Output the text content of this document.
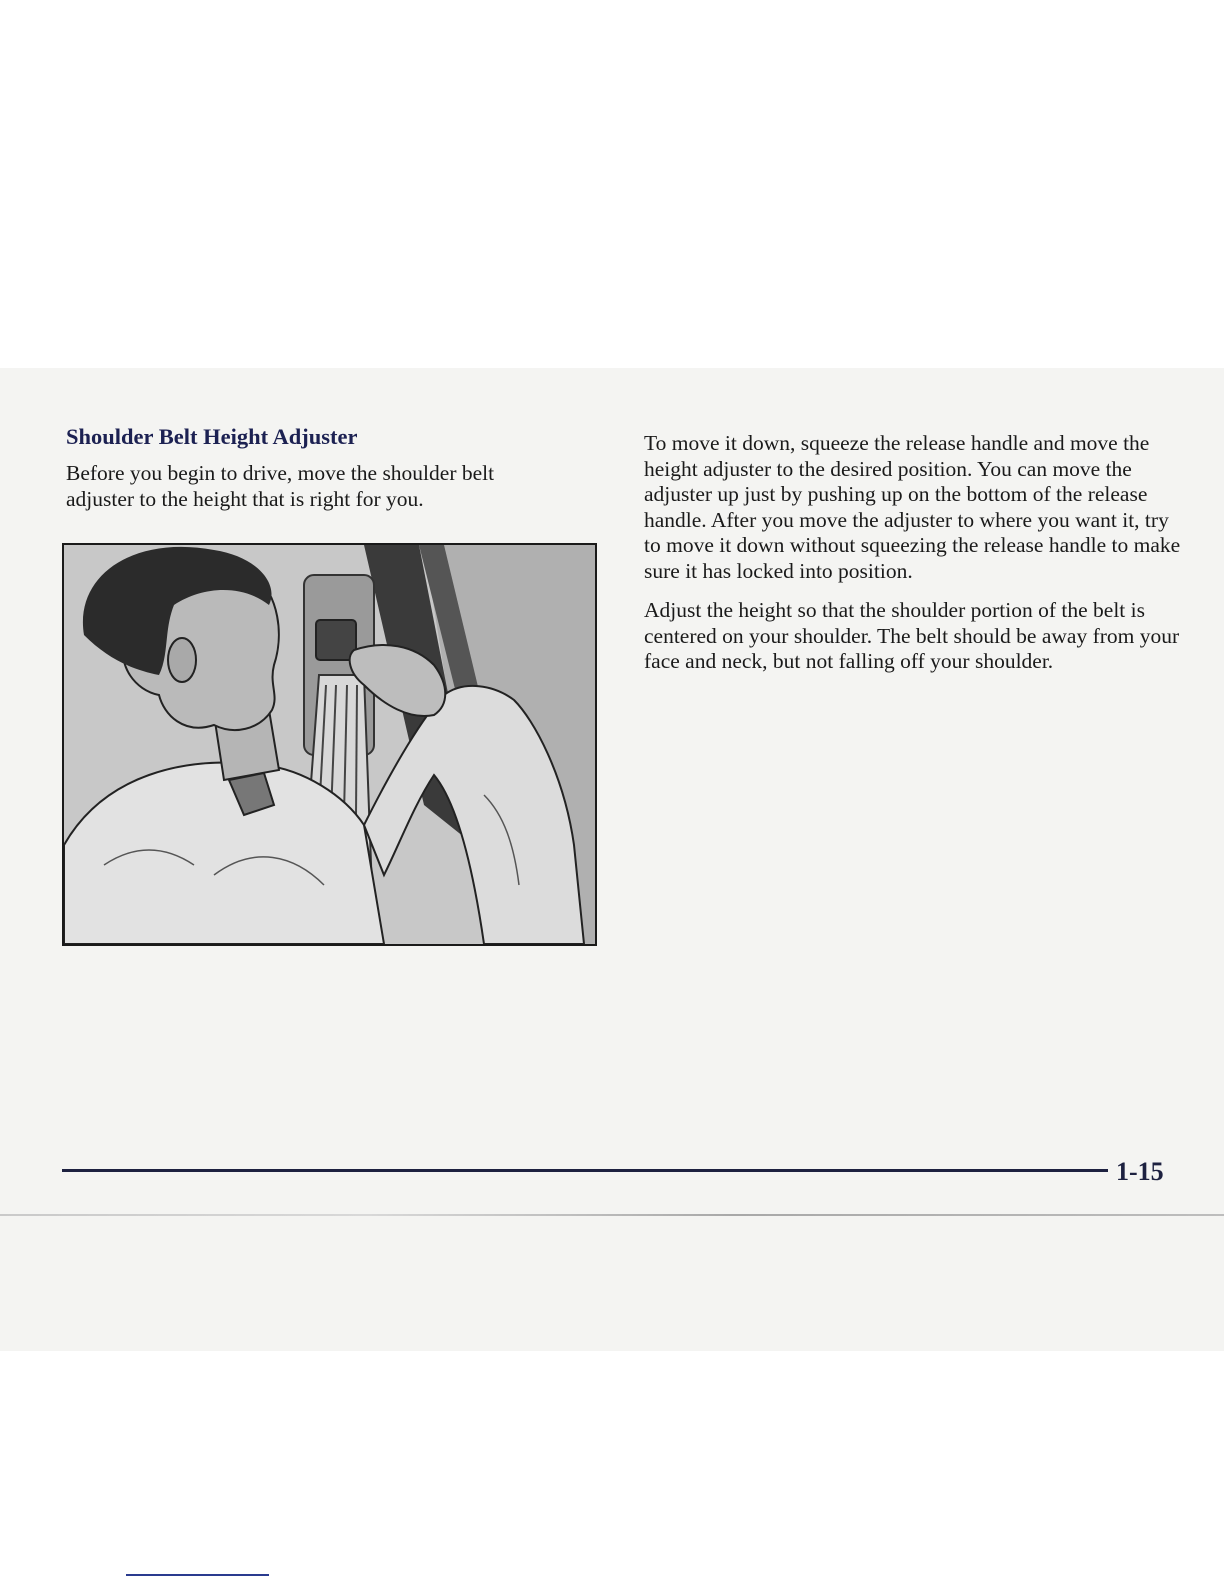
Shoulder Belt Height Adjuster

Before you begin to drive, move the shoulder belt adjuster to the height that is right for you.

To move it down, squeeze the release handle and move the height adjuster to the desired position. You can move the adjuster up just by pushing up on the bottom of the release handle. After you move the adjuster to where you want it, try to move it down without squeezing the release handle to make sure it has locked into position.

Adjust the height so that the shoulder portion of the belt is centered on your shoulder. The belt should be away from your face and neck, but not falling off your shoulder.

1-15
